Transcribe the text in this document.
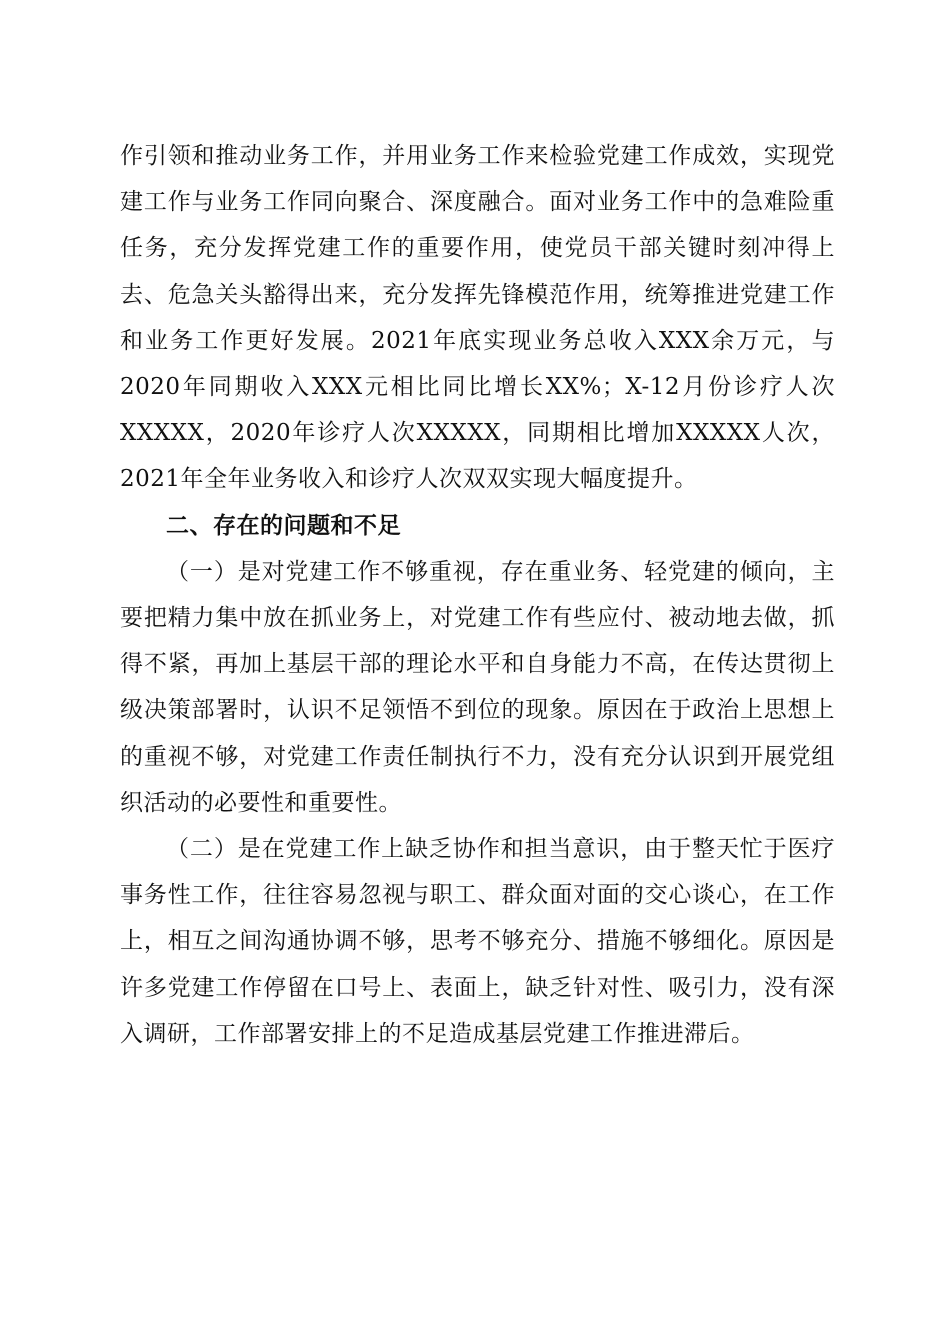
作引领和推动业务工作，并用业务工作来检验党建工作成效，实现党建工作与业务工作同向聚合、深度融合。面对业务工作中的急难险重任务，充分发挥党建工作的重要作用，使党员干部关键时刻冲得上去、危急关头豁得出来，充分发挥先锋模范作用，统筹推进党建工作和业务工作更好发展。2021年底实现业务总收入XXX余万元，与2020年同期收入XXX元相比同比增长XX%；X-12月份诊疗人次XXXXX，2020年诊疗人次XXXXX，同期相比增加XXXXX人次，2021年全年业务收入和诊疗人次双双实现大幅度提升。

二、存在的问题和不足

（一）是对党建工作不够重视，存在重业务、轻党建的倾向，主要把精力集中放在抓业务上，对党建工作有些应付、被动地去做，抓得不紧，再加上基层干部的理论水平和自身能力不高，在传达贯彻上级决策部署时，认识不足领悟不到位的现象。原因在于政治上思想上的重视不够，对党建工作责任制执行不力，没有充分认识到开展党组织活动的必要性和重要性。

（二）是在党建工作上缺乏协作和担当意识，由于整天忙于医疗事务性工作，往往容易忽视与职工、群众面对面的交心谈心，在工作上，相互之间沟通协调不够，思考不够充分、措施不够细化。原因是许多党建工作停留在口号上、表面上，缺乏针对性、吸引力，没有深入调研，工作部署安排上的不足造成基层党建工作推进滞后。
